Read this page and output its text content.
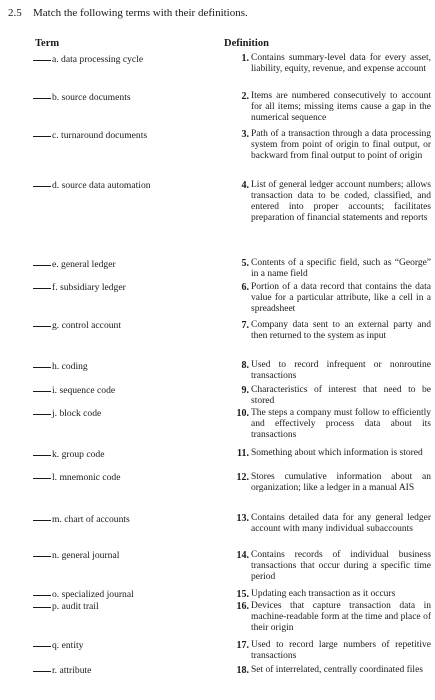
2.5 Match the following terms with their definitions.
Term	Definition
a. data processing cycle
b. source documents
c. turnaround documents
d. source data automation
e. general ledger
f. subsidiary ledger
g. control account
h. coding
i. sequence code
j. block code
k. group code
l. mnemonic code
m. chart of accounts
n. general journal
o. specialized journal
p. audit trail
q. entity
r. attribute
1. Contains summary-level data for every asset, liability, equity, revenue, and expense account
2. Items are numbered consecutively to account for all items; missing items cause a gap in the numerical sequence
3. Path of a transaction through a data processing system from point of origin to final output, or backward from final output to point of origin
4. List of general ledger account numbers; allows transaction data to be coded, classified, and entered into proper accounts; facilitates preparation of financial statements and reports
5. Contents of a specific field, such as “George” in a name field
6. Portion of a data record that contains the data value for a particular attribute, like a cell in a spreadsheet
7. Company data sent to an external party and then returned to the system as input
8. Used to record infrequent or nonroutine transactions
9. Characteristics of interest that need to be stored
10. The steps a company must follow to efficiently and effectively process data about its transactions
11. Something about which information is stored
12. Stores cumulative information about an organization; like a ledger in a manual AIS
13. Contains detailed data for any general ledger account with many individual subaccounts
14. Contains records of individual business transactions that occur during a specific time period
15. Updating each transaction as it occurs
16. Devices that capture transaction data in machine-readable form at the time and place of their origin
17. Used to record large numbers of repetitive transactions
18. Set of interrelated, centrally coordinated files
